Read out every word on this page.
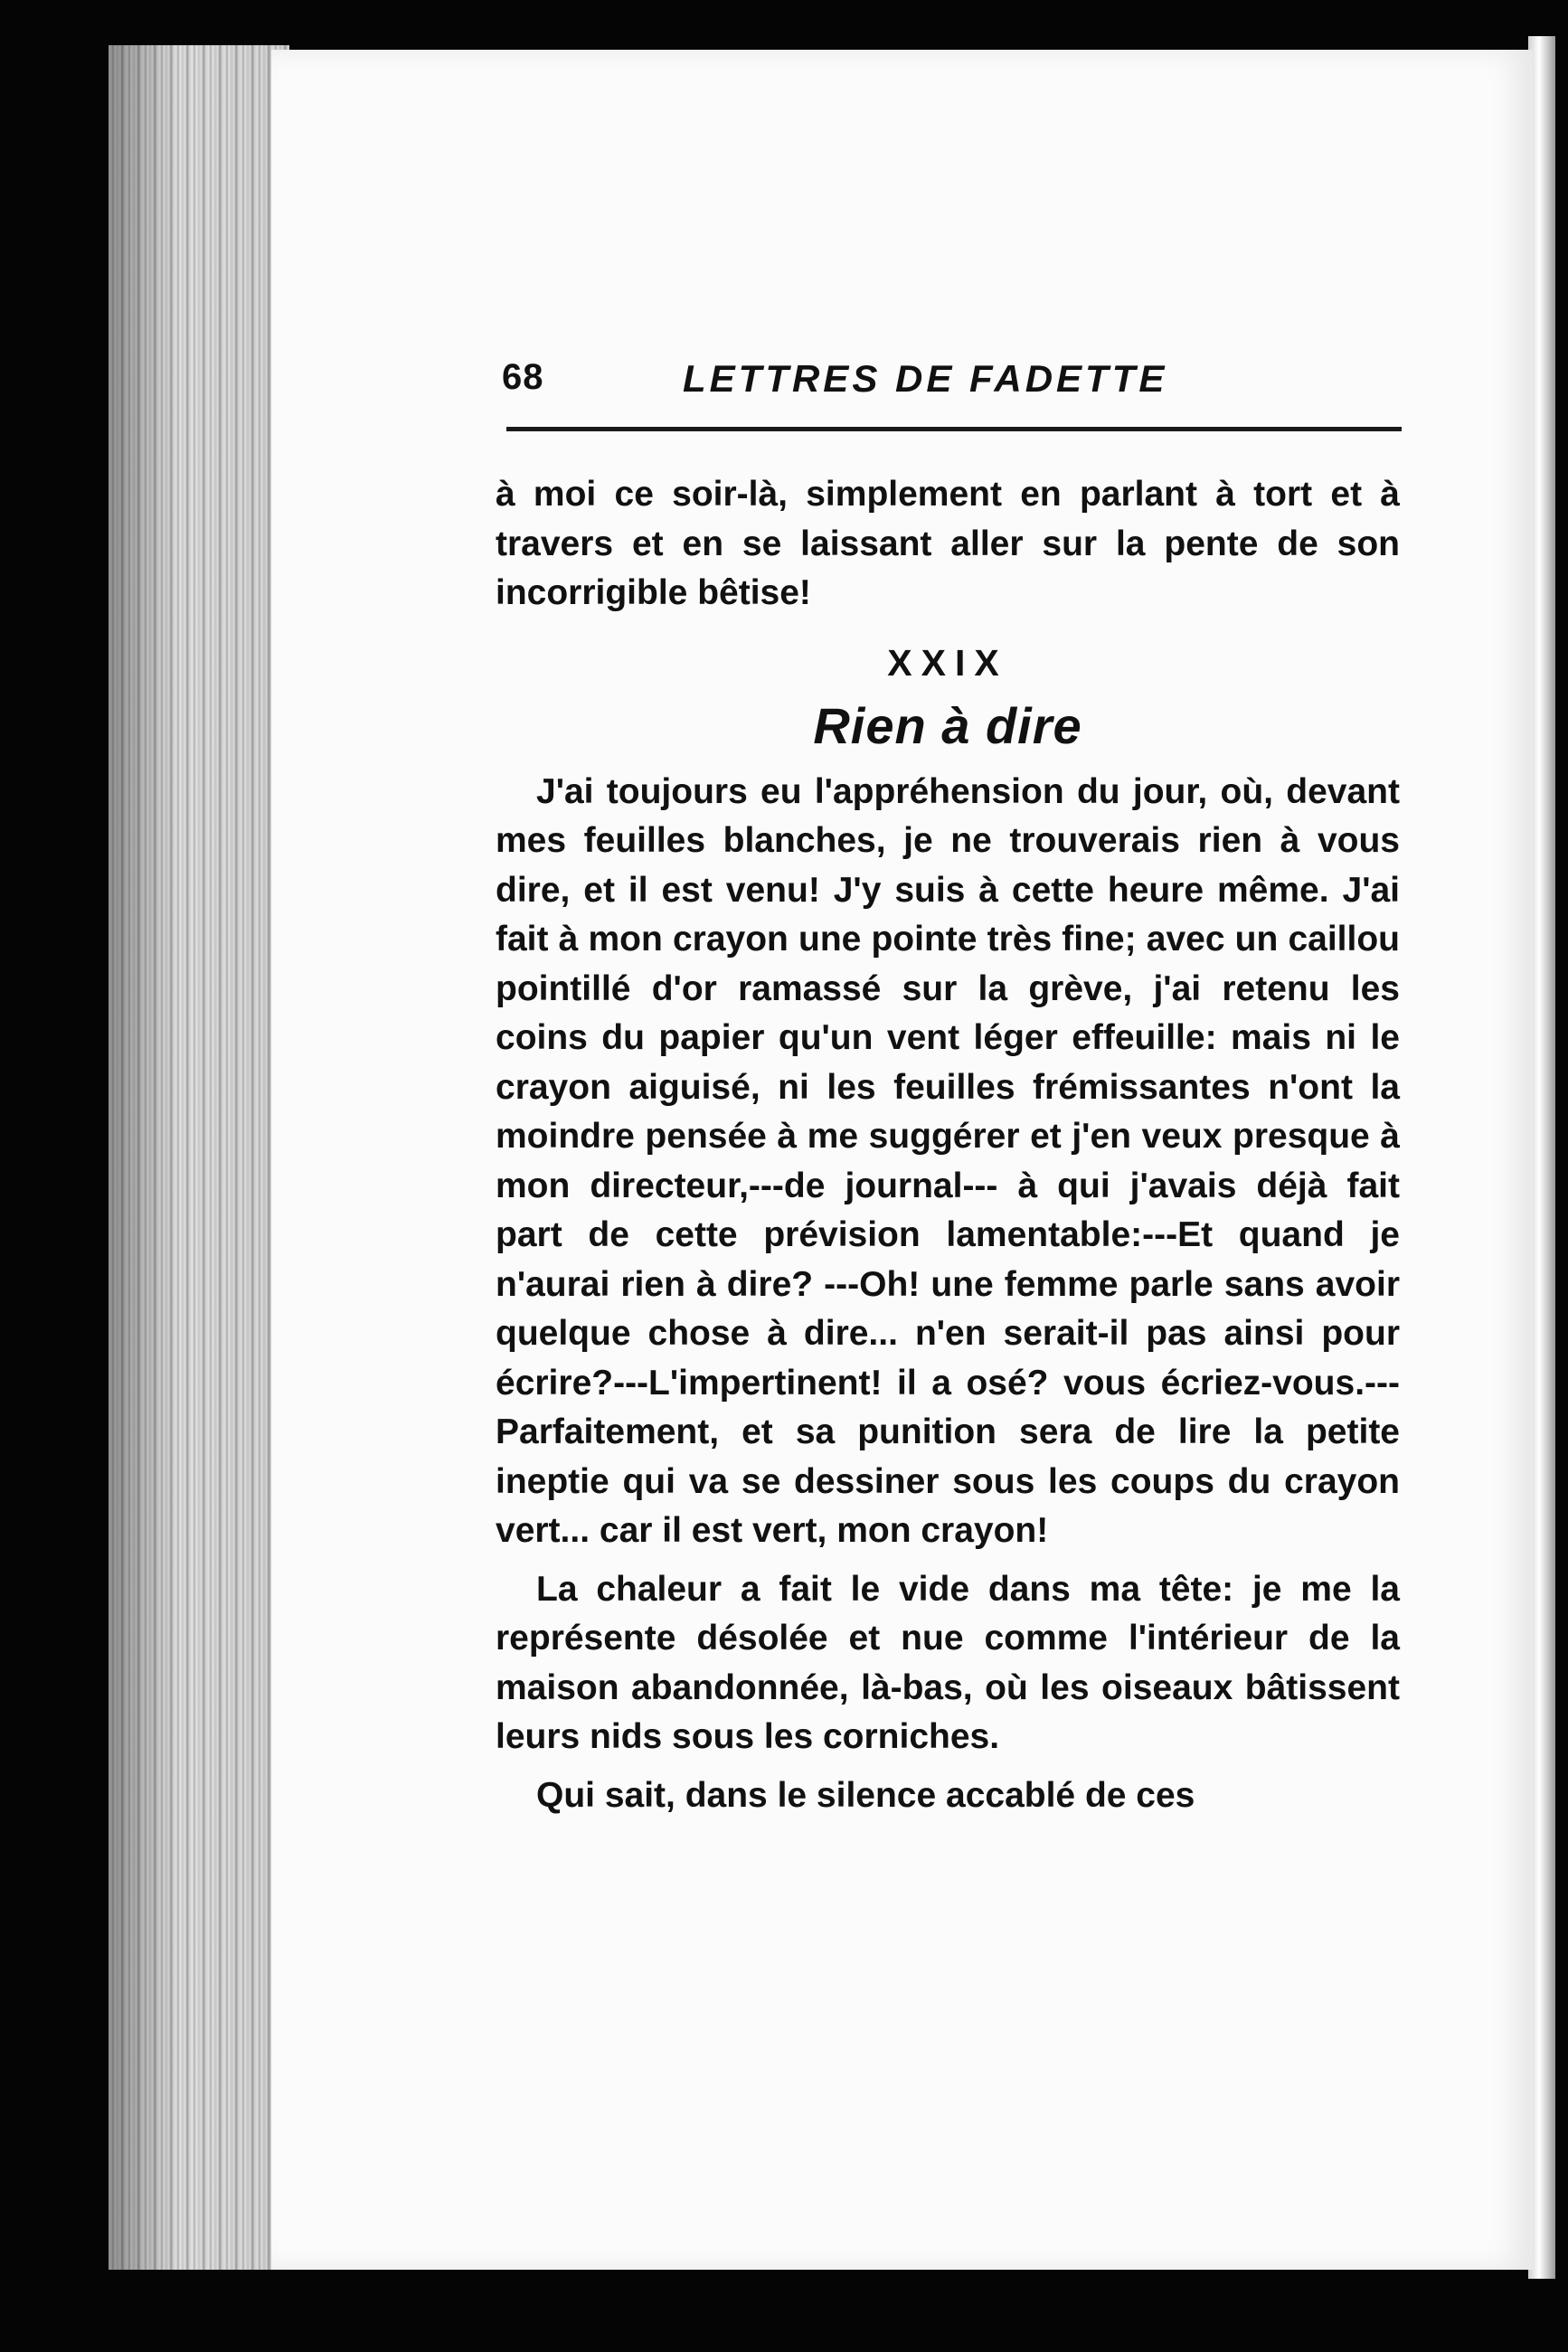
68	LETTRES DE FADETTE

à moi ce soir-là, simplement en parlant à tort et à travers et en se laissant aller sur la pente de son incorrigible bêtise!

XXIX

Rien à dire

J'ai toujours eu l'appréhension du jour, où, devant mes feuilles blanches, je ne trouverais rien à vous dire, et il est venu! J'y suis à cette heure même. J'ai fait à mon crayon une pointe très fine; avec un caillou pointillé d'or ramassé sur la grève, j'ai retenu les coins du papier qu'un vent léger effeuille: mais ni le crayon aiguisé, ni les feuilles frémissantes n'ont la moindre pensée à me suggérer et j'en veux presque à mon directeur,---de journal--- à qui j'avais déjà fait part de cette prévision lamentable:---Et quand je n'aurai rien à dire? ---Oh! une femme parle sans avoir quelque chose à dire... n'en serait-il pas ainsi pour écrire?---L'impertinent! il a osé? vous écriez-vous.---Parfaitement, et sa punition sera de lire la petite ineptie qui va se dessiner sous les coups du crayon vert... car il est vert, mon crayon!

La chaleur a fait le vide dans ma tête: je me la représente désolée et nue comme l'intérieur de la maison abandonnée, là-bas, où les oiseaux bâtissent leurs nids sous les corniches.

Qui sait, dans le silence accablé de ces
